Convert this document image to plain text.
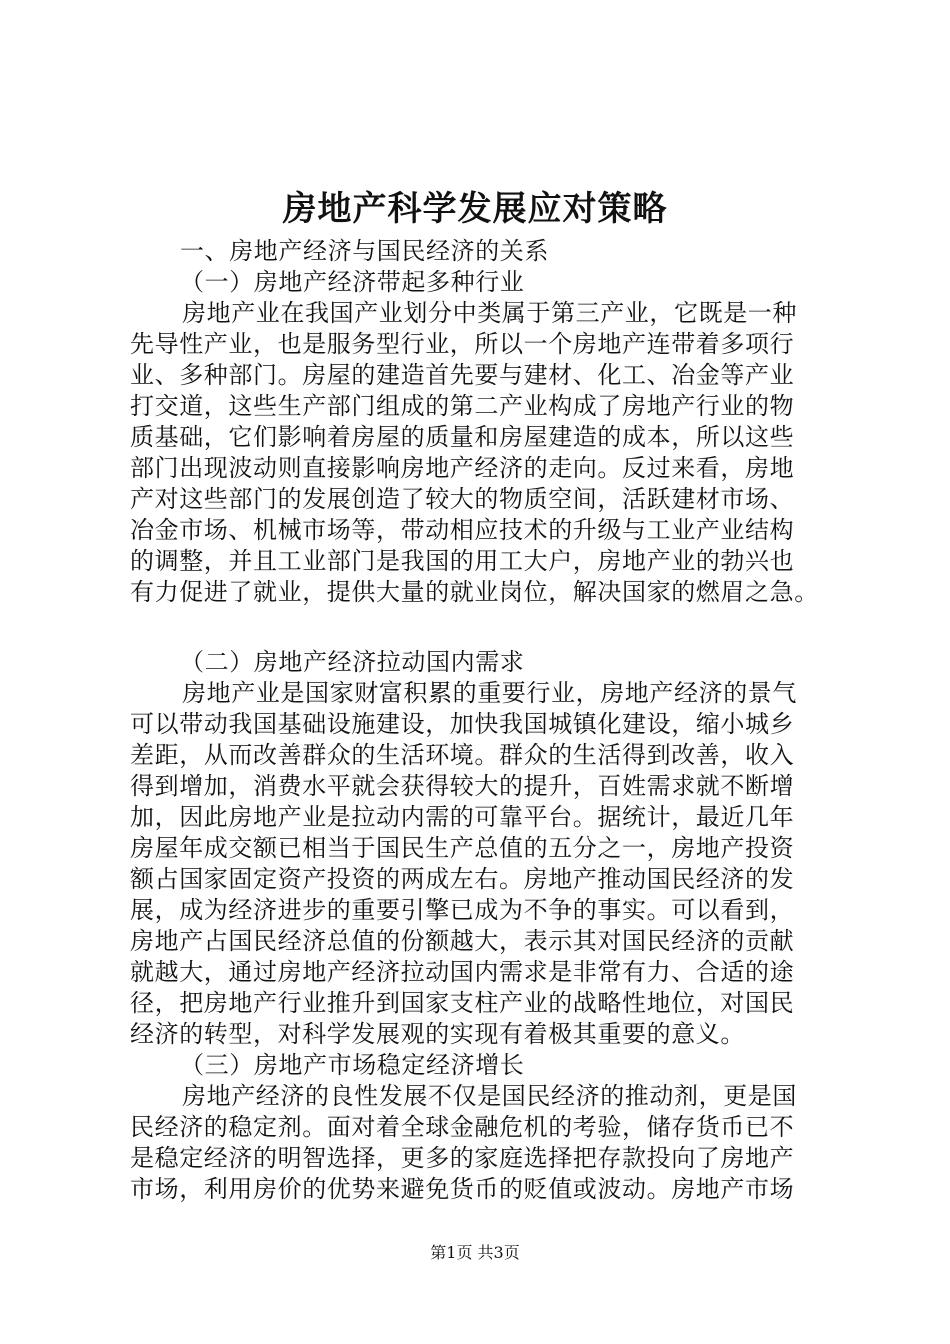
房地产科学发展应对策略
一、房地产经济与国民经济的关系
（一）房地产经济带起多种行业
房地产业在我国产业划分中类属于第三产业，它既是一种
先导性产业，也是服务型行业，所以一个房地产连带着多项行
业、多种部门。房屋的建造首先要与建材、化工、冶金等产业
打交道，这些生产部门组成的第二产业构成了房地产行业的物
质基础，它们影响着房屋的质量和房屋建造的成本，所以这些
部门出现波动则直接影响房地产经济的走向。反过来看，房地
产对这些部门的发展创造了较大的物质空间，活跃建材市场、
冶金市场、机械市场等，带动相应技术的升级与工业产业结构
的调整，并且工业部门是我国的用工大户，房地产业的勃兴也
有力促进了就业，提供大量的就业岗位，解决国家的燃眉之急。
（二）房地产经济拉动国内需求
房地产业是国家财富积累的重要行业，房地产经济的景气
可以带动我国基础设施建设，加快我国城镇化建设，缩小城乡
差距，从而改善群众的生活环境。群众的生活得到改善，收入
得到增加，消费水平就会获得较大的提升，百姓需求就不断增
加，因此房地产业是拉动内需的可靠平台。据统计，最近几年
房屋年成交额已相当于国民生产总值的五分之一，房地产投资
额占国家固定资产投资的两成左右。房地产推动国民经济的发
展，成为经济进步的重要引擎已成为不争的事实。可以看到，
房地产占国民经济总值的份额越大，表示其对国民经济的贡献
就越大，通过房地产经济拉动国内需求是非常有力、合适的途
径，把房地产行业推升到国家支柱产业的战略性地位，对国民
经济的转型，对科学发展观的实现有着极其重要的意义。
（三）房地产市场稳定经济增长
房地产经济的良性发展不仅是国民经济的推动剂，更是国
民经济的稳定剂。面对着全球金融危机的考验，储存货币已不
是稳定经济的明智选择，更多的家庭选择把存款投向了房地产
市场，利用房价的优势来避免货币的贬值或波动。房地产市场
第1页 共3页
